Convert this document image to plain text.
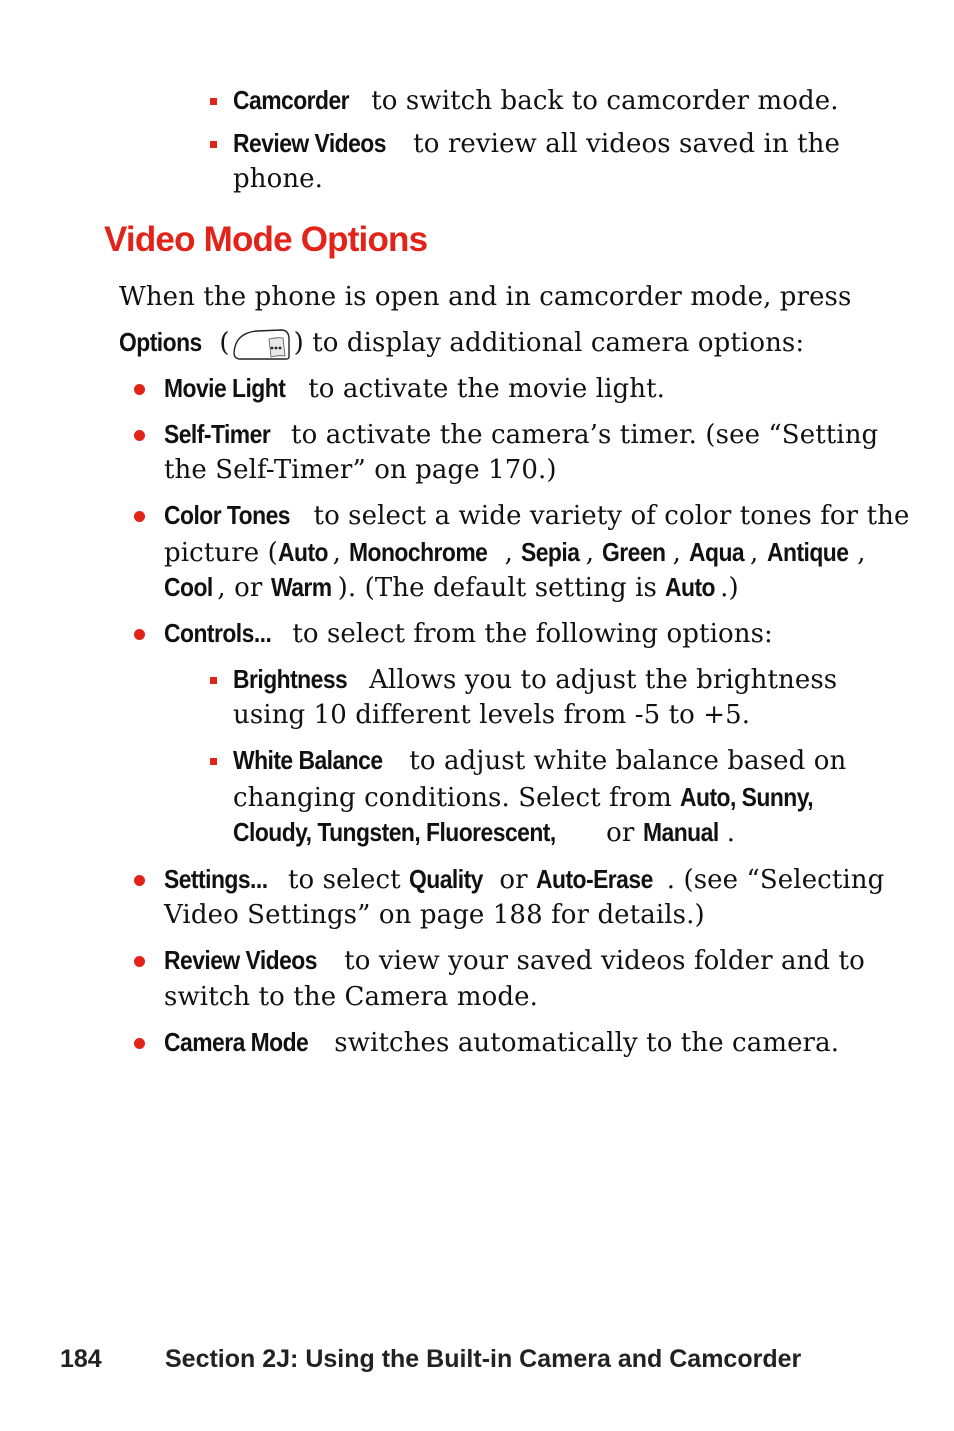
Camcorder to switch back to camcorder mode.
Review Videos to review all videos saved in the
phone.
Video Mode Options
When the phone is open and in camcorder mode, press
Options ( ) to display additional camera options:
Movie Light to activate the movie light.
Self-Timer to activate the camera’s timer. (see “Setting
the Self-Timer” on page 170.)
Color Tones to select a wide variety of color tones for the
picture (Auto , Monochrome , Sepia , Green , Aqua , Antique ,
Cool , or Warm ). (The default setting is Auto .)
Controls... to select from the following options:
Brightness Allows you to adjust the brightness
using 10 different levels from -5 to +5.
White Balance to adjust white balance based on
changing conditions. Select from Auto, Sunny,
Cloudy, Tungsten, Fluorescent, or Manual .
Settings... to select Quality or Auto-Erase . (see “Selecting
Video Settings” on page 188 for details.)
Review Videos to view your saved videos folder and to
switch to the Camera mode.
Camera Mode switches automatically to the camera.
184	Section 2J: Using the Built-in Camera and Camcorder
